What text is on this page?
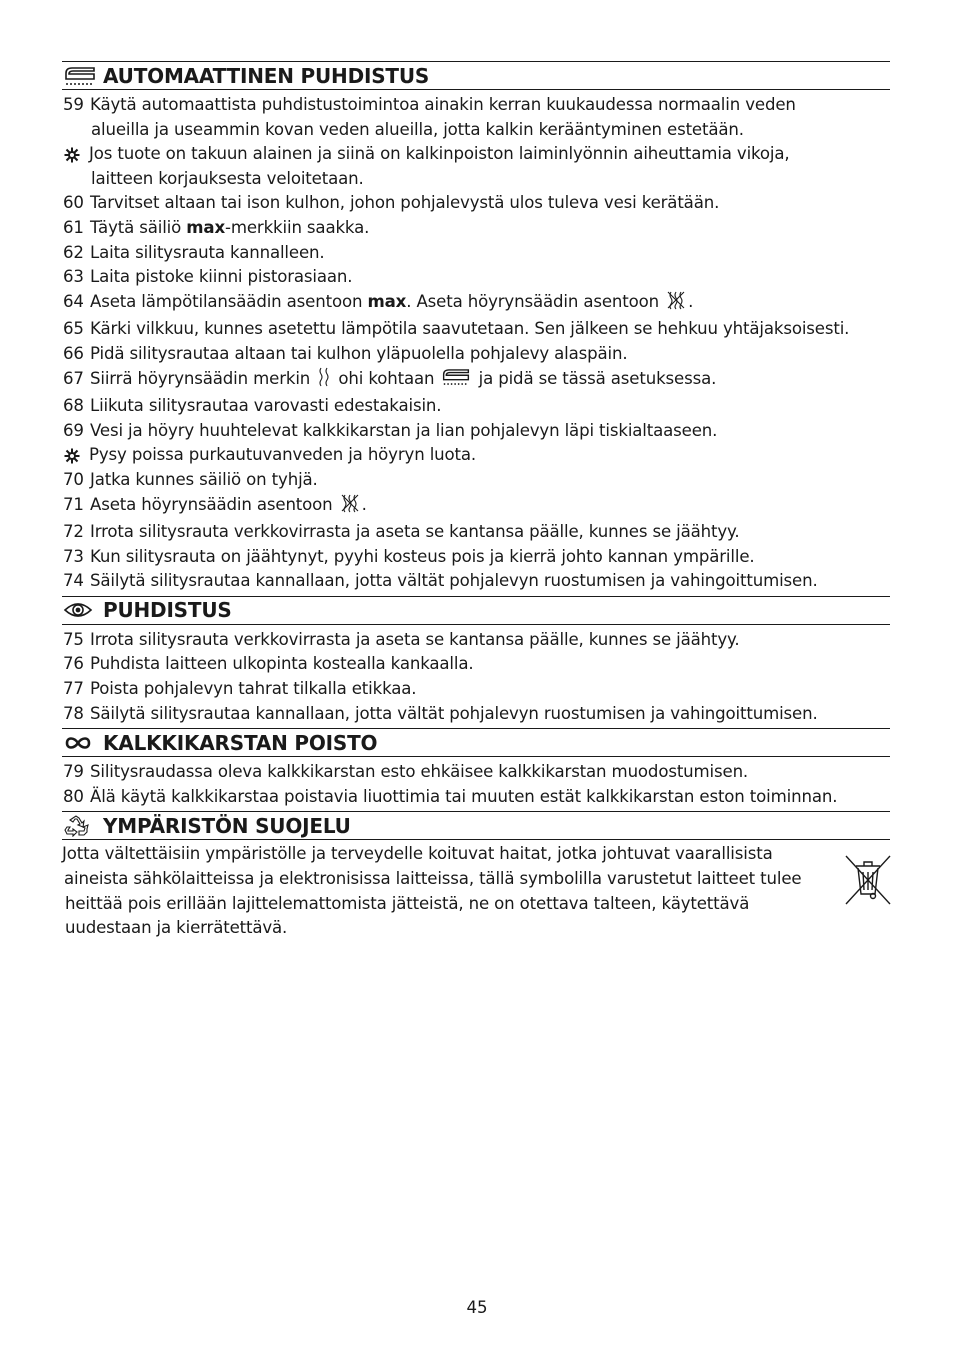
AUTOMAATTINEN PUHDISTUS
59 Käytä automaattista puhdistustoimintoa ainakin kerran kuukaudessa normaalin veden
alueilla ja useammin kovan veden alueilla, jotta kalkin kerääntyminen estetään.
Jos tuote on takuun alainen ja siinä on kalkinpoiston laiminlyönnin aiheuttamia vikoja,
laitteen korjauksesta veloitetaan.
60 Tarvitset altaan tai ison kulhon, johon pohjalevystä ulos tuleva vesi kerätään.
61 Täytä säiliö max-merkkiin saakka.
62 Laita silitysrauta kannalleen.
63 Laita pistoke kiinni pistorasiaan.
64 Aseta lämpötilansäädin asentoon max. Aseta höyrynsäädin asentoon .
65 Kärki vilkkuu, kunnes asetettu lämpötila saavutetaan. Sen jälkeen se hehkuu yhtäjaksoisesti.
66 Pidä silitysrautaa altaan tai kulhon yläpuolella pohjalevy alaspäin.
67 Siirrä höyrynsäädin merkin  ohi kohtaan  ja pidä se tässä asetuksessa.
68 Liikuta silitysrautaa varovasti edestakaisin.
69 Vesi ja höyry huuhtelevat kalkkikarstan ja lian pohjalevyn läpi tiskialtaaseen.
Pysy poissa purkautuvanveden ja höyryn luota.
70 Jatka kunnes säiliö on tyhjä.
71 Aseta höyrynsäädin asentoon .
72 Irrota silitysrauta verkkovirrasta ja aseta se kantansa päälle, kunnes se jäähtyy.
73 Kun silitysrauta on jäähtynyt, pyyhi kosteus pois ja kierrä johto kannan ympärille.
74 Säilytä silitysrautaa kannallaan, jotta vältät pohjalevyn ruostumisen ja vahingoittumisen.
PUHDISTUS
75 Irrota silitysrauta verkkovirrasta ja aseta se kantansa päälle, kunnes se jäähtyy.
76 Puhdista laitteen ulkopinta kostealla kankaalla.
77 Poista pohjalevyn tahrat tilkalla etikkaa.
78 Säilytä silitysrautaa kannallaan, jotta vältät pohjalevyn ruostumisen ja vahingoittumisen.
KALKKIKARSTAN POISTO
79 Silitysraudassa oleva kalkkikarstan esto ehkäisee kalkkikarstan muodostumisen.
80 Älä käytä kalkkikarstaa poistavia liuottimia tai muuten estät kalkkikarstan eston toiminnan.
YMPÄRISTÖN SUOJELU
Jotta vältettäisiin ympäristölle ja terveydelle koituvat haitat, jotka johtuvat vaarallisista
aineista sähkölaitteissa ja elektronisissa laitteissa, tällä symbolilla varustetut laitteet tulee
heittää pois erillään lajittelemattomista jätteistä, ne on otettava talteen, käytettävä
uudestaan ja kierrätettävä.
45
